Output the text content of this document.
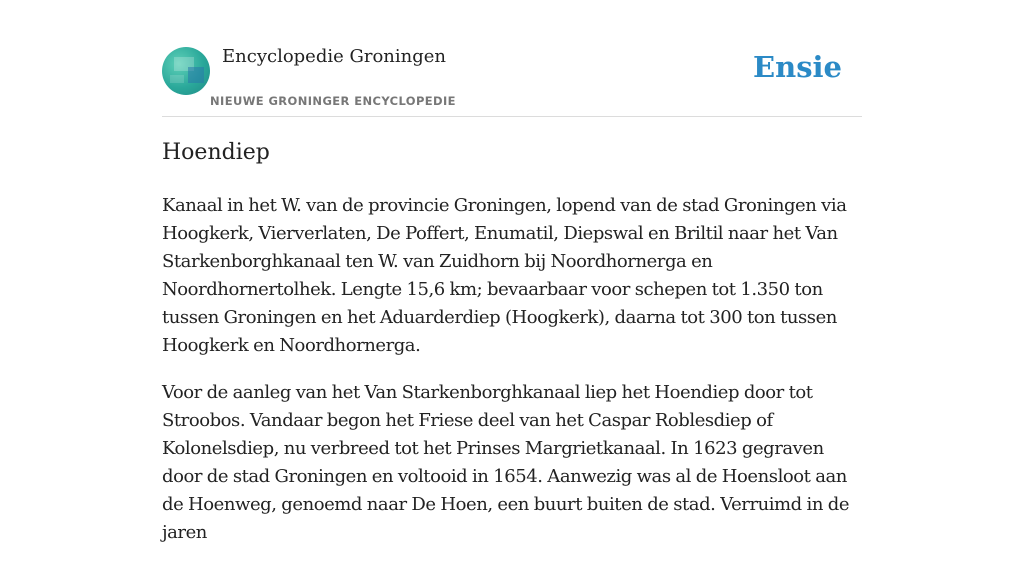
Encyclopedie Groningen
NIEUWE GRONINGER ENCYCLOPEDIE
Ensie
Hoendiep

Kanaal in het W. van de provincie Groningen, lopend van de stad Groningen via Hoogkerk, Vierverlaten, De Poffert, Enumatil, Diepswal en Briltil naar het Van Starkenborghkanaal ten W. van Zuidhorn bij Noordhornerga en Noordhornertolhek. Lengte 15,6 km; bevaarbaar voor schepen tot 1.350 ton tussen Groningen en het Aduarderdiep (Hoogkerk), daarna tot 300 ton tussen Hoogkerk en Noordhornerga.

Voor de aanleg van het Van Starkenborghkanaal liep het Hoendiep door tot Stroobos. Vandaar begon het Friese deel van het Caspar Roblesdiep of Kolonelsdiep, nu verbreed tot het Prinses Margrietkanaal. In 1623 gegraven door de stad Groningen en voltooid in 1654. Aanwezig was al de Hoensloot aan de Hoenweg, genoemd naar De Hoen, een buurt buiten de stad. Verruimd in de jaren
